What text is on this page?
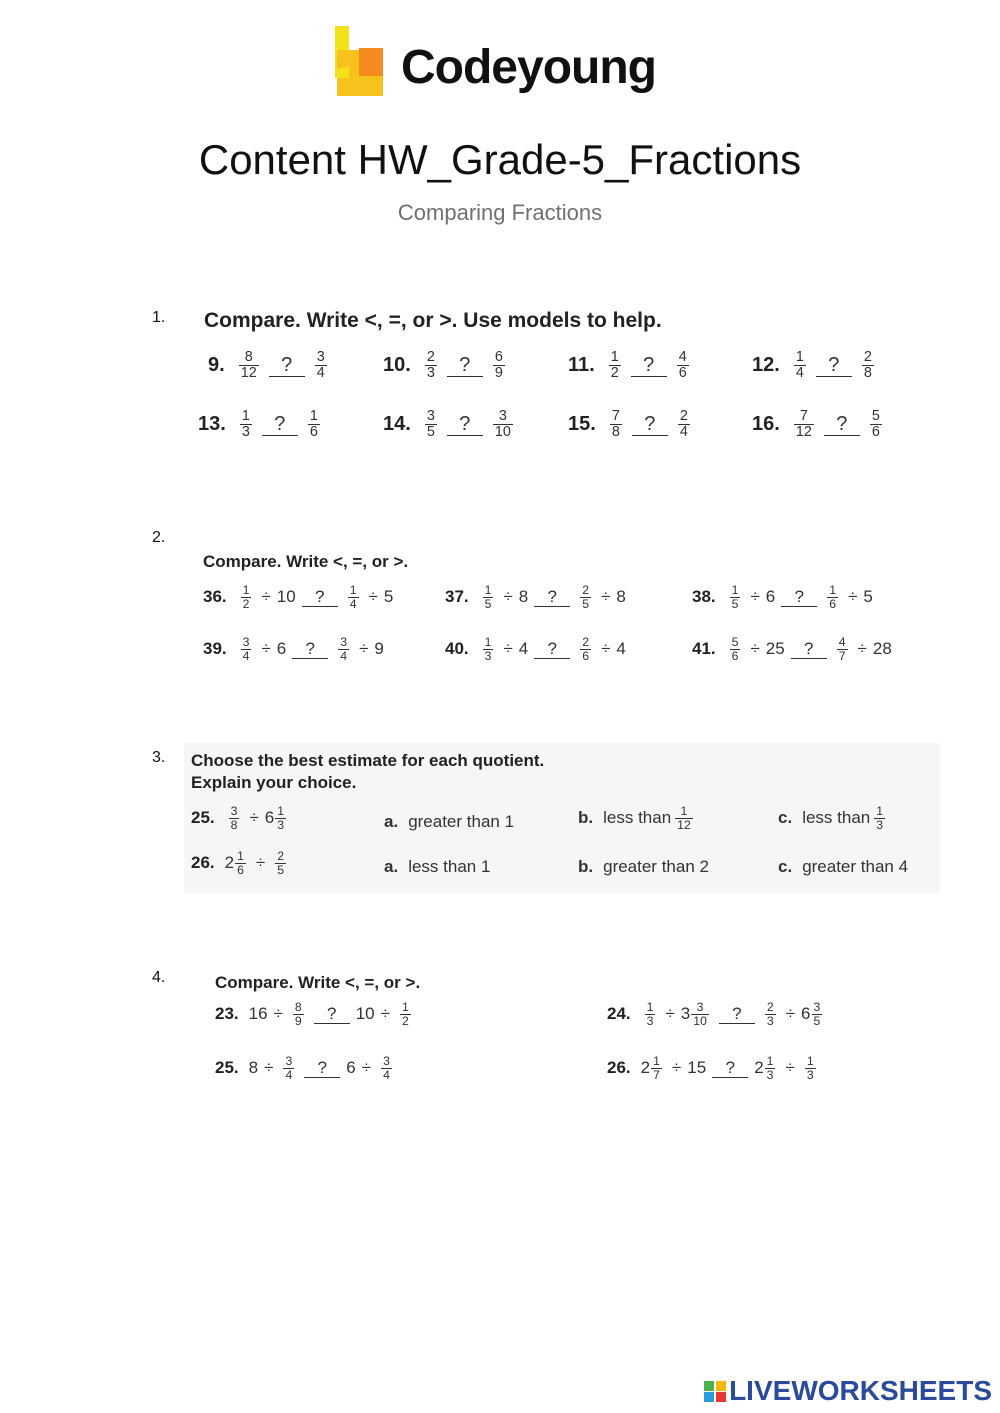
Codeyoung
Content HW_Grade-5_Fractions
Comparing Fractions
1. Compare. Write <, =, or >. Use models to help.
9. $\frac{8}{12}$	?	$\frac{3}{4}$	10. $\frac{2}{3}$	?	$\frac{6}{9}$	11. $\frac{1}{2}$	?	$\frac{4}{6}$	12. $\frac{1}{4}$	?	$\frac{2}{8}$
13. $\frac{1}{3}$	?	$\frac{1}{6}$	14. $\frac{3}{5}$	?	$\frac{3}{10}$	15. $\frac{7}{8}$	?	$\frac{2}{4}$	16. $\frac{7}{12}$	?	$\frac{5}{6}$
2.
Compare. Write <, =, or >.
36. $\frac{1}{2} \div 10$	?	$\frac{1}{4} \div 5$	37. $\frac{1}{5} \div 8$	?	$\frac{2}{5} \div 8$	38. $\frac{1}{5} \div 6$	?	$\frac{1}{6} \div 5$
39. $\frac{3}{4} \div 6$	?	$\frac{3}{4} \div 9$	40. $\frac{1}{3} \div 4$	?	$\frac{2}{6} \div 4$	41. $\frac{5}{6} \div 25$	?	$\frac{4}{7} \div 28$
3. Choose the best estimate for each quotient.
Explain your choice.
25. $\frac{3}{8} \div 6 \frac{1}{3}$	a. greater than 1	b. less than $\frac{1}{12}$	c. less than $\frac{1}{3}$
26. $2 \frac{1}{6} \div \frac{2}{5}$	a. less than 1	b. greater than 2	c. greater than 4
4.	Compare. Write <, =, or >.
23. $16 \div \frac{8}{9}$	?	$10 \div \frac{1}{2}$	24. $\frac{1}{3} \div 3 \frac{3}{10}$	?	$\frac{2}{3} \div 6 \frac{3}{5}$
25. $8 \div \frac{3}{4}$	?	$6 \div \frac{3}{4}$	26. $2 \frac{1}{7} \div 15$	?	$2 \frac{1}{3} \div \frac{1}{3}$
LIVEWORKSHEETS
